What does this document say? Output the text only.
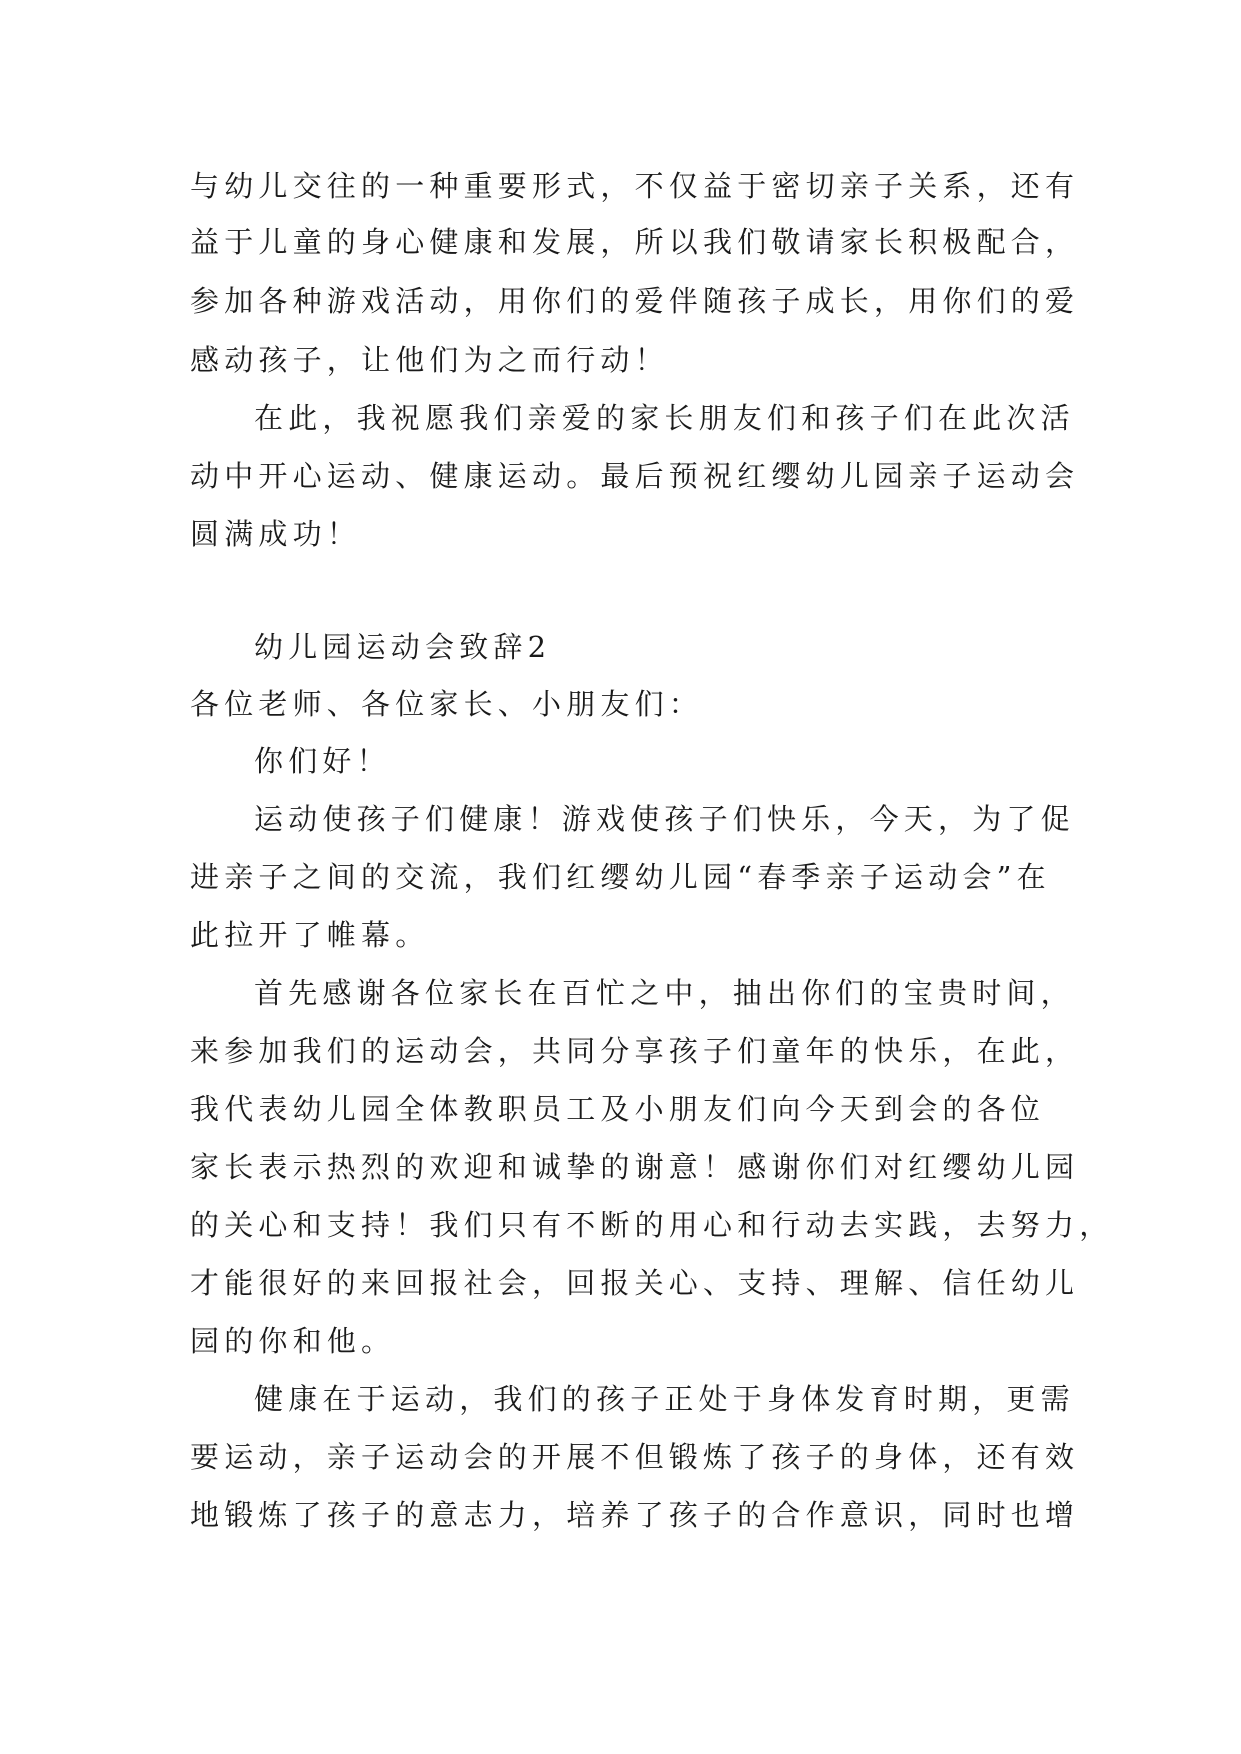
与幼儿交往的一种重要形式，不仅益于密切亲子关系，还有
益于儿童的身心健康和发展，所以我们敬请家长积极配合，
参加各种游戏活动，用你们的爱伴随孩子成长，用你们的爱
感动孩子，让他们为之而行动！
在此，我祝愿我们亲爱的家长朋友们和孩子们在此次活
动中开心运动、健康运动。最后预祝红缨幼儿园亲子运动会
圆满成功！
幼儿园运动会致辞2
各位老师、各位家长、小朋友们：
你们好！
运动使孩子们健康！游戏使孩子们快乐，今天，为了促
进亲子之间的交流，我们红缨幼儿园“春季亲子运动会”在
此拉开了帷幕。
首先感谢各位家长在百忙之中，抽出你们的宝贵时间，
来参加我们的运动会，共同分享孩子们童年的快乐，在此，
我代表幼儿园全体教职员工及小朋友们向今天到会的各位
家长表示热烈的欢迎和诚挚的谢意！感谢你们对红缨幼儿园
的关心和支持！我们只有不断的用心和行动去实践，去努力，
才能很好的来回报社会，回报关心、支持、理解、信任幼儿
园的你和他。
健康在于运动，我们的孩子正处于身体发育时期，更需
要运动，亲子运动会的开展不但锻炼了孩子的身体，还有效
地锻炼了孩子的意志力，培养了孩子的合作意识，同时也增
